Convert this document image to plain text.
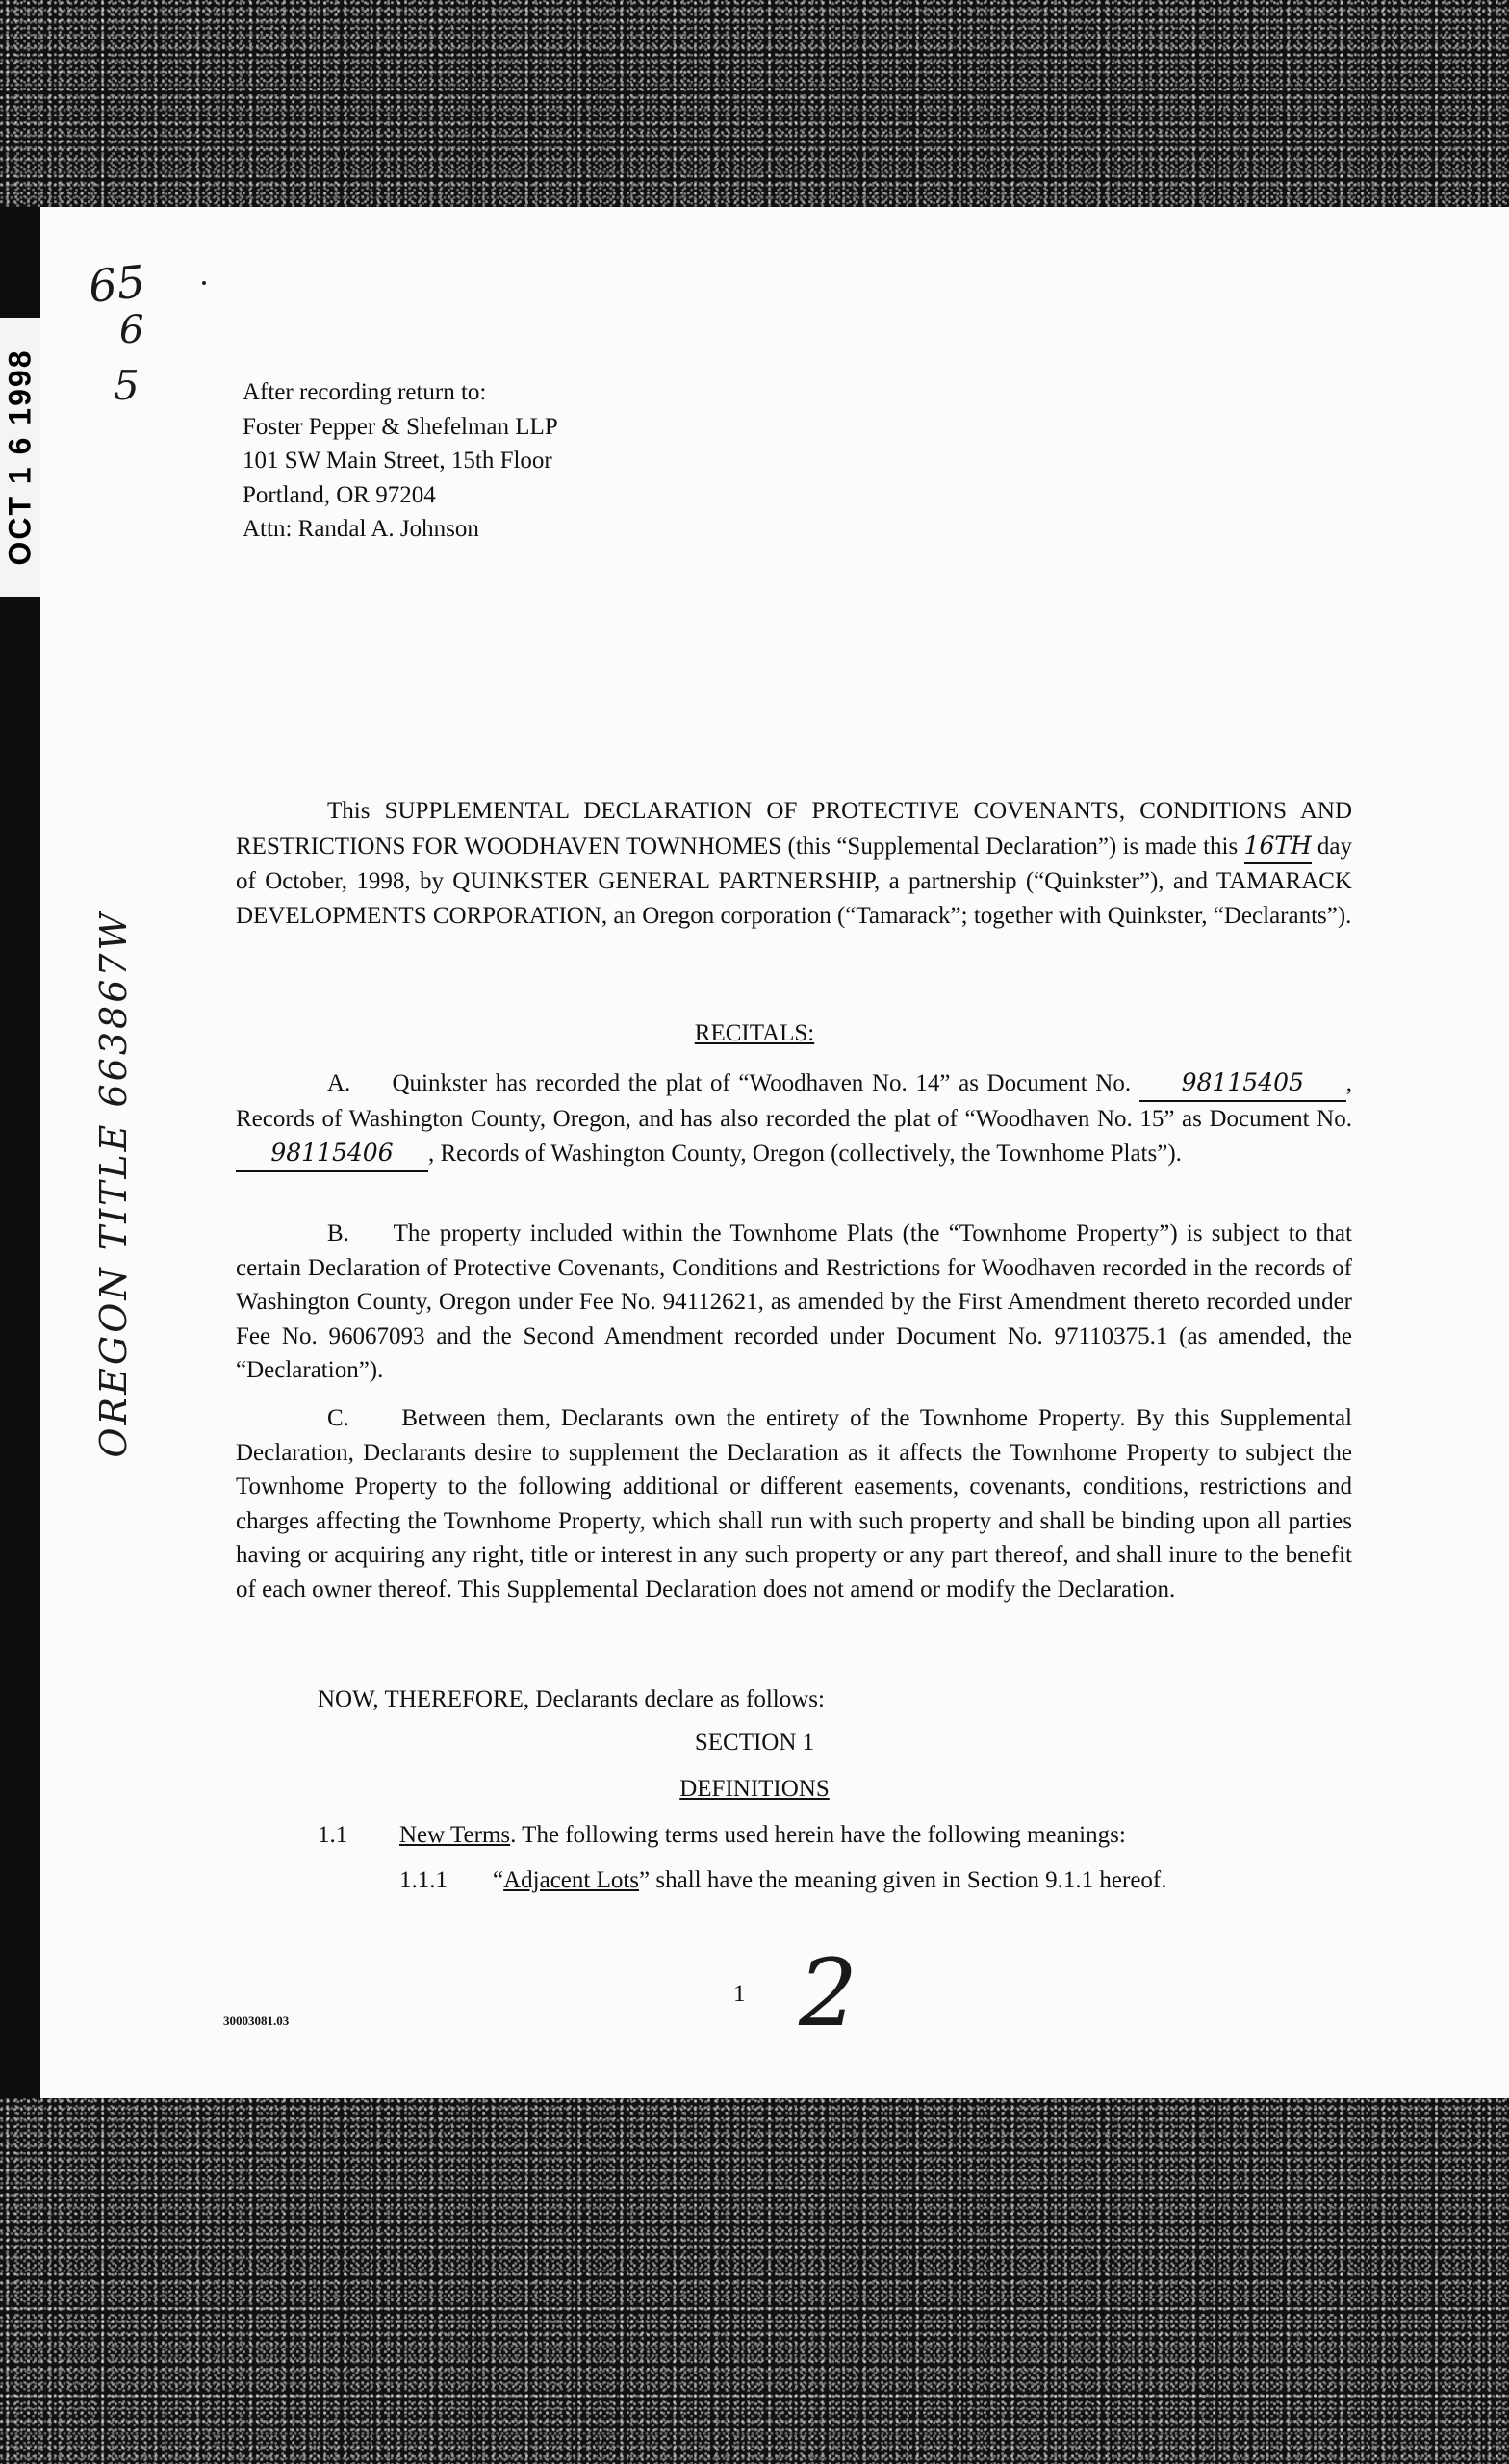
OCT 1 6 1998
65
6
5
OREGON TITLE 663867W
After recording return to:
Foster Pepper & Shefelman LLP
101 SW Main Street, 15th Floor
Portland, OR 97204
Attn: Randal A. Johnson
This SUPPLEMENTAL DECLARATION OF PROTECTIVE COVENANTS, CONDITIONS AND RESTRICTIONS FOR WOODHAVEN TOWNHOMES (this “Supplemental Declaration”) is made this 16TH day of October, 1998, by QUINKSTER GENERAL PARTNERSHIP, a partnership (“Quinkster”), and TAMARACK DEVELOPMENTS CORPORATION, an Oregon corporation (“Tamarack”; together with Quinkster, “Declarants”).
RECITALS:
A. Quinkster has recorded the plat of “Woodhaven No. 14” as Document No. 98115405 , Records of Washington County, Oregon, and has also recorded the plat of “Woodhaven No. 15” as Document No. 98115406 , Records of Washington County, Oregon (collectively, the Townhome Plats”).
B. The property included within the Townhome Plats (the “Townhome Property”) is subject to that certain Declaration of Protective Covenants, Conditions and Restrictions for Woodhaven recorded in the records of Washington County, Oregon under Fee No. 94112621, as amended by the First Amendment thereto recorded under Fee No. 96067093 and the Second Amendment recorded under Document No. 97110375.1 (as amended, the “Declaration”).
C. Between them, Declarants own the entirety of the Townhome Property. By this Supplemental Declaration, Declarants desire to supplement the Declaration as it affects the Townhome Property to subject the Townhome Property to the following additional or different easements, covenants, conditions, restrictions and charges affecting the Townhome Property, which shall run with such property and shall be binding upon all parties having or acquiring any right, title or interest in any such property or any part thereof, and shall inure to the benefit of each owner thereof. This Supplemental Declaration does not amend or modify the Declaration.
NOW, THEREFORE, Declarants declare as follows:
SECTION 1
DEFINITIONS
1.1 New Terms. The following terms used herein have the following meanings:
1.1.1 “Adjacent Lots” shall have the meaning given in Section 9.1.1 hereof.
1 2
30003081.03
